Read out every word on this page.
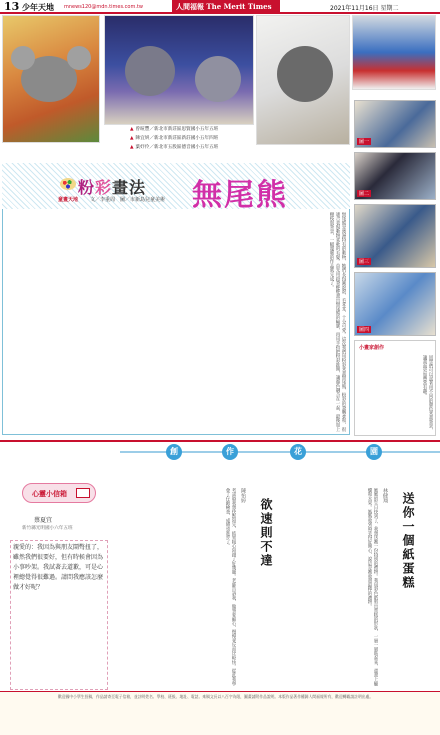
13 少年天地 mnews120@mdn.times.com.tw	人間福報 The Merit Times	2021年11月16日 星期二
▲ 曾暄豐／新北市新莊區思賢國小五年五班
▲ 陳宜妍／新北市新莊區新莊國小五年四班
▲ 葉妤伶／新北市五股區德音國小五年五班
圖一
圖二
圖三
圖四
粉彩畫法
童畫天地 文／李重周　圖／市新島兒童美術 無尾熊
無尾熊是澳洲特有的動物，牠們長得圓滾滾、毛茸茸，十分可愛。這次我們用粉彩來畫無尾熊，粉彩的筆觸柔和，很適合表現動物柔軟的毛髮。首先用鉛筆輕輕畫出無尾熊的輪廓，再用手指把粉彩推開，讓顏色融合在一起，最後加上樹枝與背景，一幅溫暖的作品就完成了。
小畫家創作
同學們可以試著用不同的顏色來畫背景，讓畫面更加豐富有趣。
心靈小信箱
蔡夏宜
新竹縣光明國小六年五班

親愛的：我因為與朋友鬧彆扭了，雖然我們很要好，但有時候會因為小事吵架。我試著去道歉，可是心裡總覺得很難過。請問我應該怎麼做才好呢？

創	作	花	園
送你一個紙蛋糕
林健翔
媽媽的生日快到了，我想送她一份特別的禮物。我用彩色紙剪出蛋糕的形狀，一層一層貼起來，還畫上蠟燭和水果。媽媽收到時笑得好開心，說這是她收過最棒的禮物。
欲速則不達
陳怡婷
考試時我想快點寫完，結果粗心寫錯了好幾題。老師告訴我，做事要細心，慢慢來反而比較快。從此我學會了仔細檢查，成績也進步了。
歡迎國中小學生投稿，作品請寄至電子信箱，並註明姓名、學校、班級、地址、電話。來稿文長以八百字為限，圖畫請附作品說明。本版作品著作權歸人間福報所有，歡迎轉載請註明出處。
